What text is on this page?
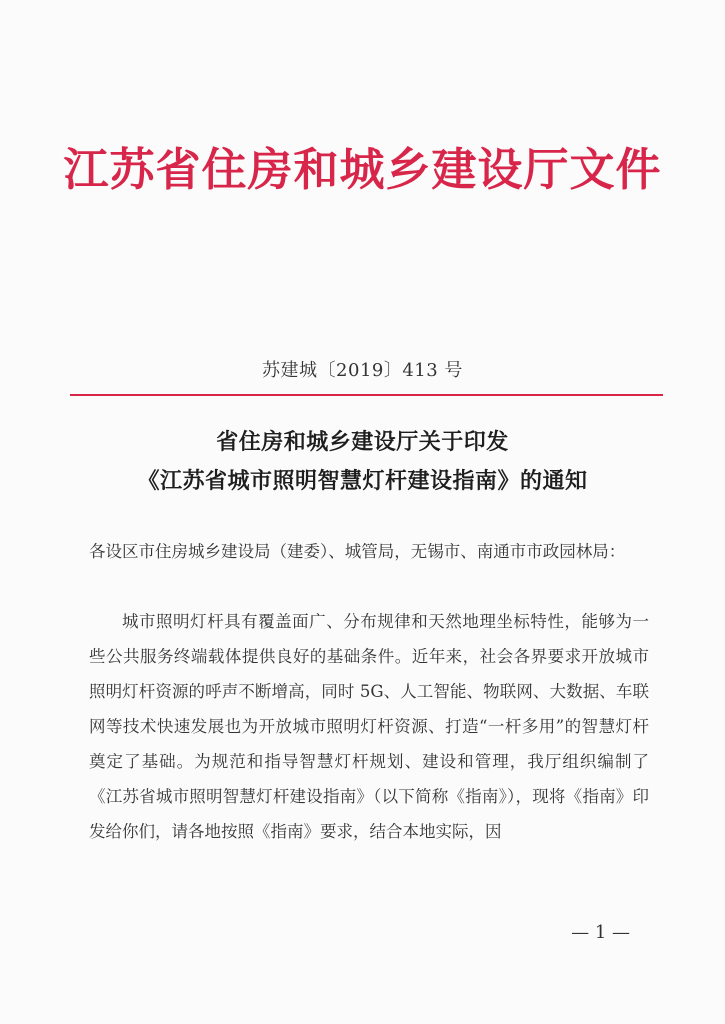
江苏省住房和城乡建设厅文件
苏建城〔2019〕413 号
省住房和城乡建设厅关于印发
《江苏省城市照明智慧灯杆建设指南》的通知
各设区市住房城乡建设局（建委）、城管局，无锡市、南通市市政园林局：
城市照明灯杆具有覆盖面广、分布规律和天然地理坐标特性，能够为一些公共服务终端载体提供良好的基础条件。近年来，社会各界要求开放城市照明灯杆资源的呼声不断增高，同时 5G、人工智能、物联网、大数据、车联网等技术快速发展也为开放城市照明灯杆资源、打造“一杆多用”的智慧灯杆奠定了基础。为规范和指导智慧灯杆规划、建设和管理，我厅组织编制了《江苏省城市照明智慧灯杆建设指南》（以下简称《指南》），现将《指南》印发给你们，请各地按照《指南》要求，结合本地实际，因
— 1 —
